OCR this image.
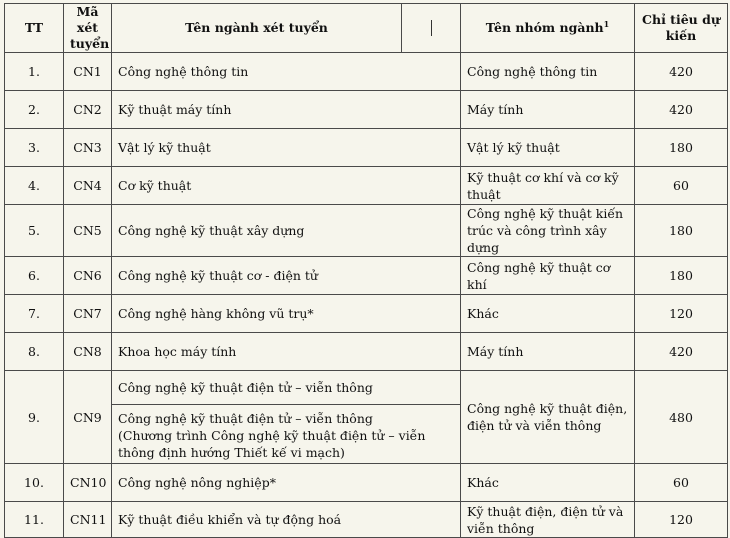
TT	Mã xét tuyển	Tên ngành xét tuyển		Tên nhóm ngành$^1$	Chỉ tiêu dự kiến
1.	CN1	Công nghệ thông tin		Công nghệ thông tin	420
2.	CN2	Kỹ thuật máy tính		Máy tính	420
3.	CN3	Vật lý kỹ thuật		Vật lý kỹ thuật	180
4.	CN4	Cơ kỹ thuật		Kỹ thuật cơ khí và cơ kỹ thuật	60
5.	CN5	Công nghệ kỹ thuật xây dựng		Công nghệ kỹ thuật kiến trúc và công trình xây dựng	180
6.	CN6	Công nghệ kỹ thuật cơ - điện tử		Công nghệ kỹ thuật cơ khí	180
7.	CN7	Công nghệ hàng không vũ trụ*		Khác	120
8.	CN8	Khoa học máy tính		Máy tính	420
9.	CN9	Công nghệ kỹ thuật điện tử – viễn thông		Công nghệ kỹ thuật điện, điện tử và viễn thông	480

		Công nghệ kỹ thuật điện tử – viễn thông
(Chương trình Công nghệ kỹ thuật điện tử – viễn thông định hướng Thiết kế vi mạch)			

10.	CN10	Công nghệ nông nghiệp*		Khác	60
11.	CN11	Kỹ thuật điều khiển và tự động hoá		Kỹ thuật điện, điện tử và viễn thông	120
